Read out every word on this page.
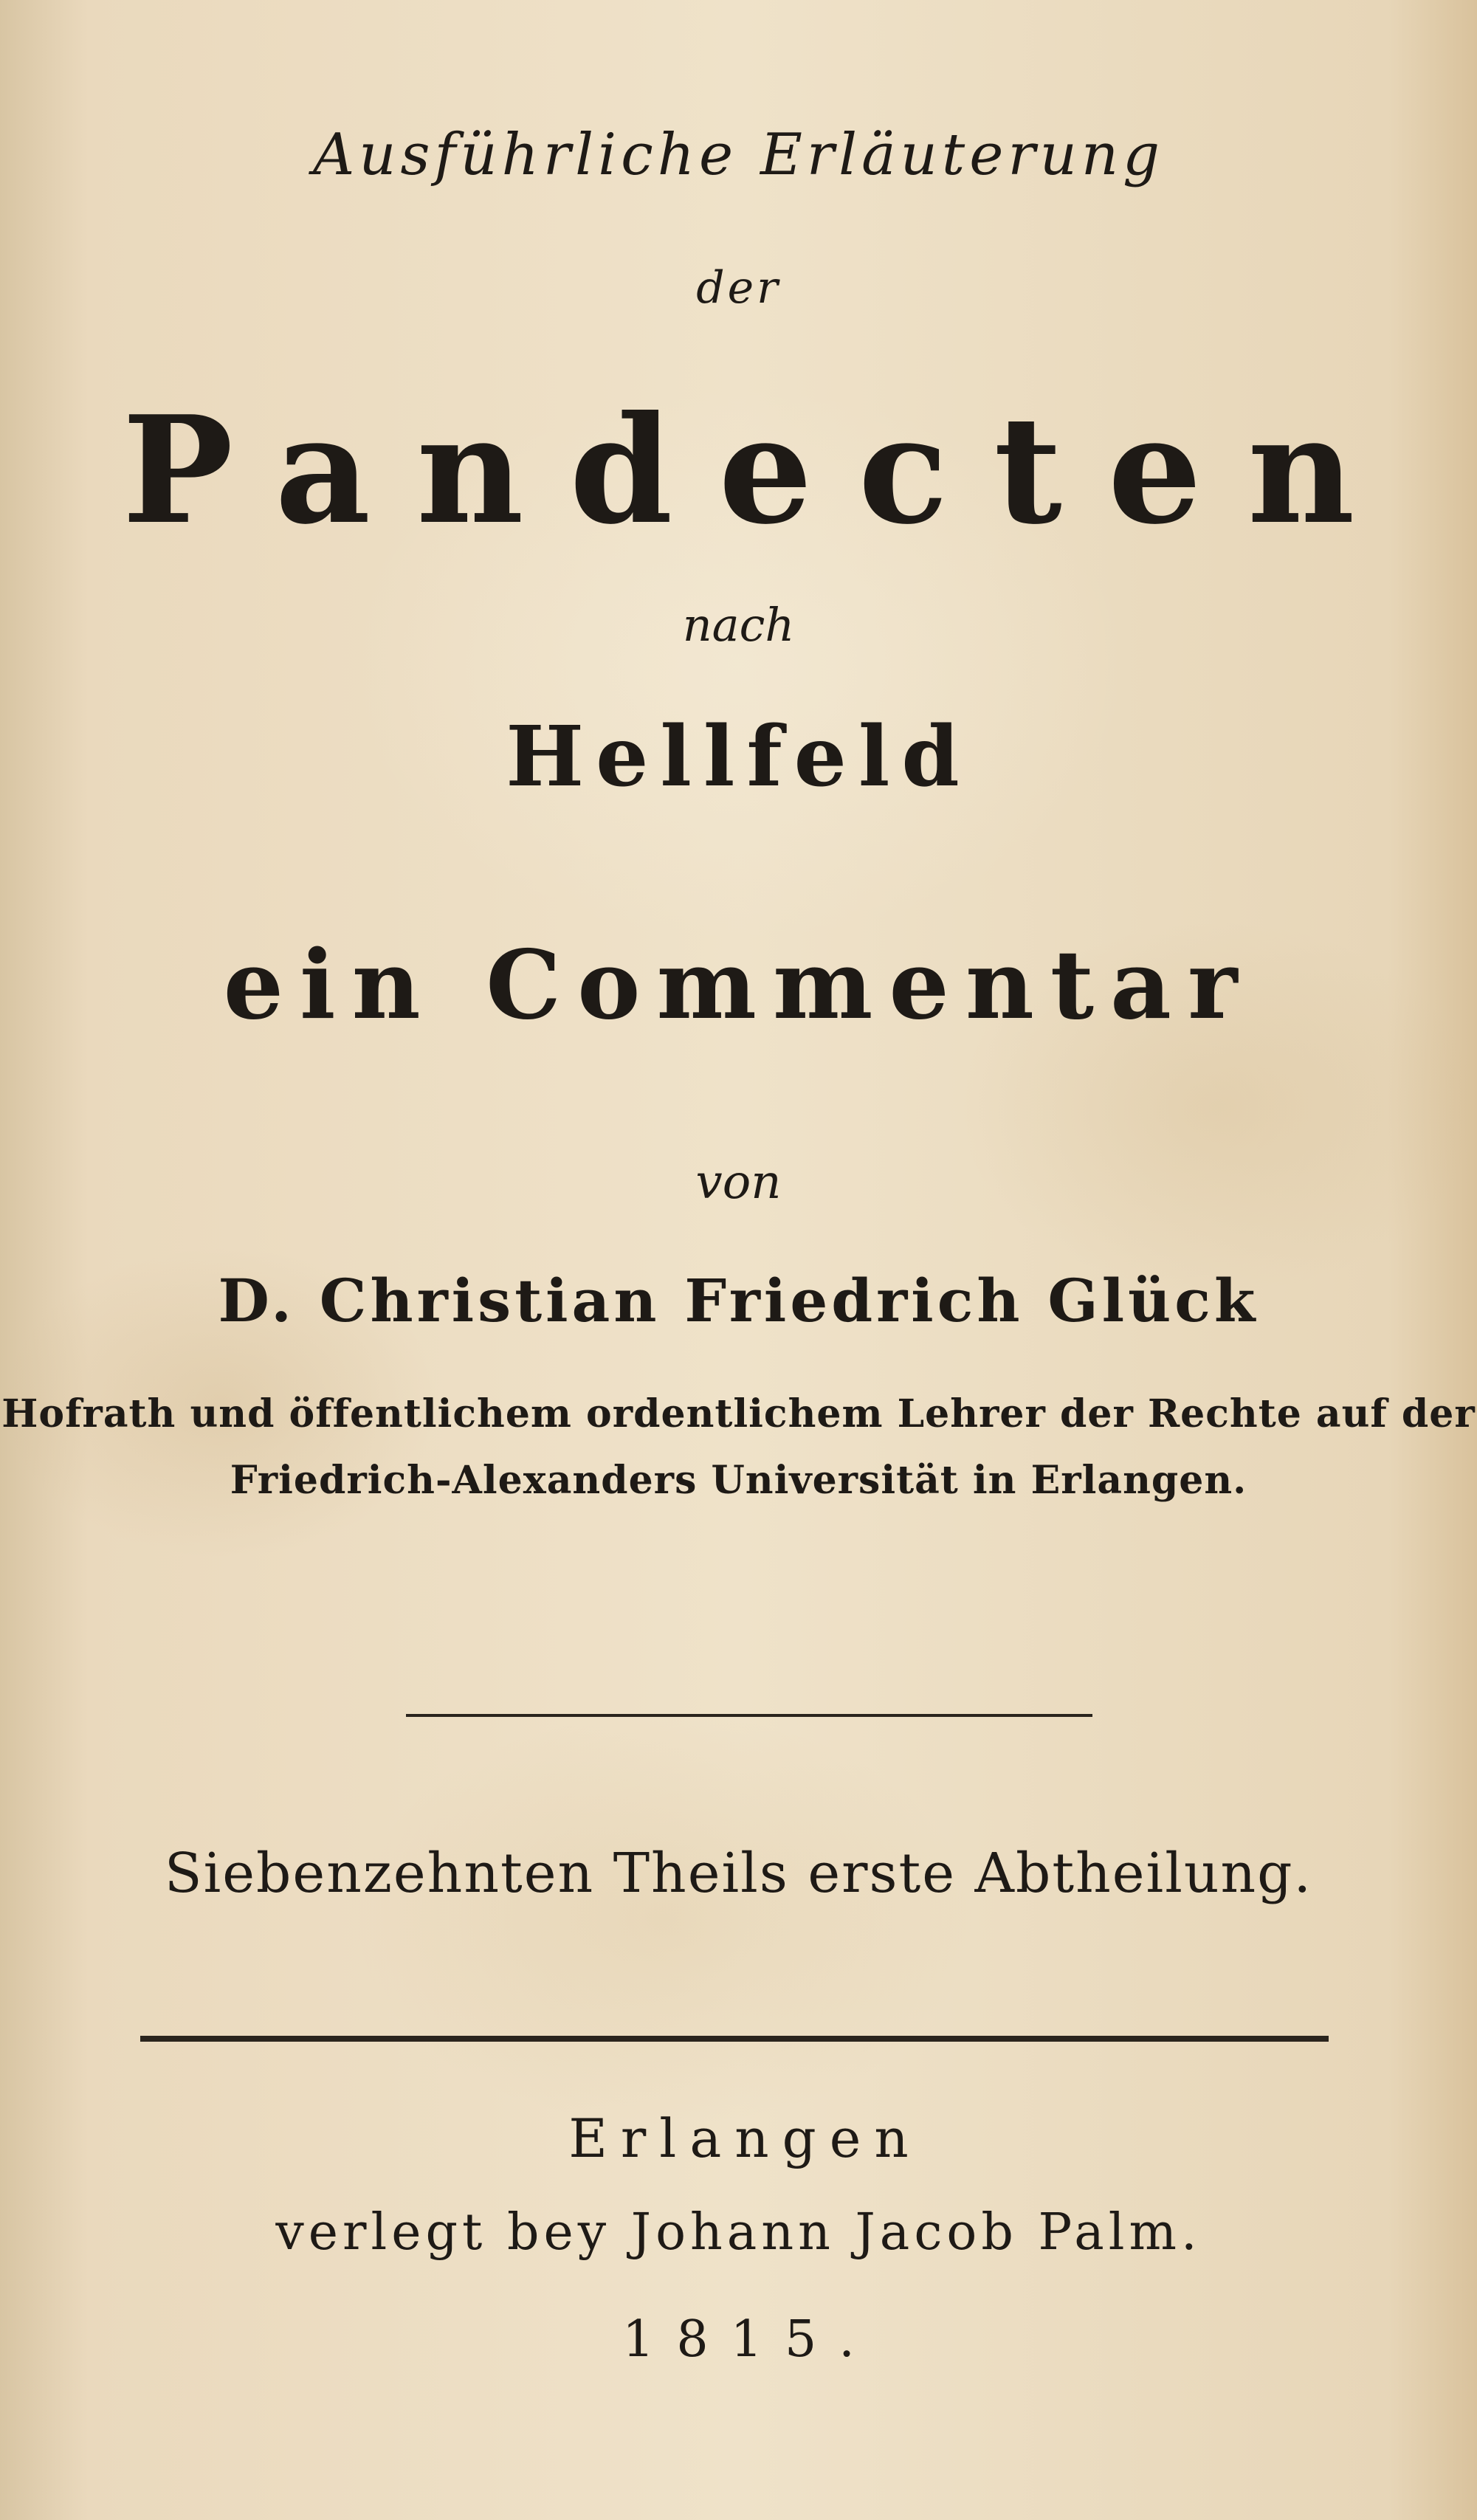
Ausführliche Erläuterung

der

Pandecten

nach

Hellfeld

ein Commentar

von

D. Christian Friedrich Glück

Hofrath und öffentlichem ordentlichem Lehrer der Rechte auf der

Friedrich-Alexanders Universität in Erlangen.

Siebenzehnten Theils erste Abtheilung.

Erlangen

verlegt bey Johann Jacob Palm.

1815.
